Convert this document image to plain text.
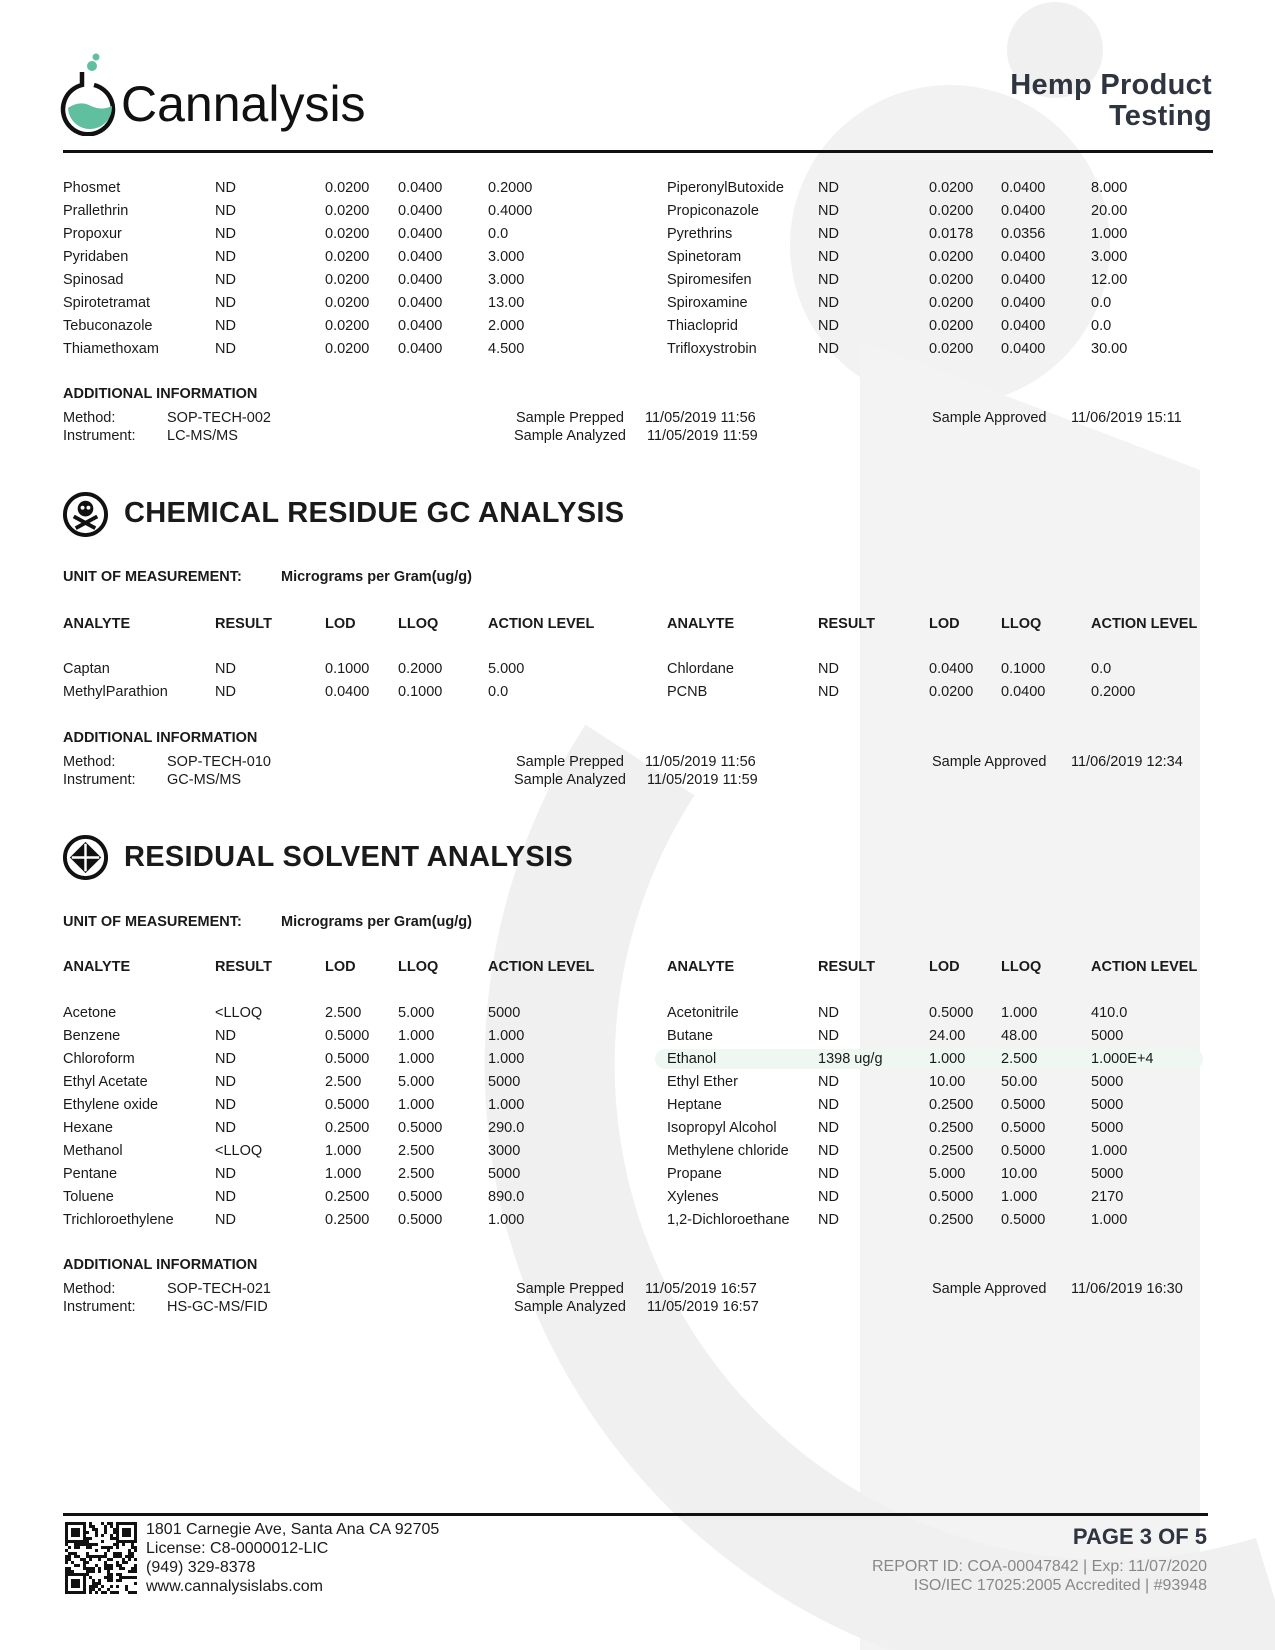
Cannalysis	Hemp Product
Testing
Phosmet	ND	0.0200 0.0400	0.2000	PiperonylButoxide ND	0.0200 0.0400	8.000
Prallethrin	ND	0.0200 0.0400	0.4000	Propiconazole	ND	0.0200 0.0400	20.00
Propoxur	ND	0.0200 0.0400	0.0	Pyrethrins	ND	0.0178 0.0356	1.000
Pyridaben	ND	0.0200 0.0400	3.000	Spinetoram	ND	0.0200 0.0400	3.000
Spinosad	ND	0.0200 0.0400	3.000	Spiromesifen	ND	0.0200 0.0400	12.00
Spirotetramat	ND	0.0200 0.0400	13.00	Spiroxamine	ND	0.0200 0.0400	0.0
Tebuconazole	ND	0.0200 0.0400	2.000	Thiacloprid	ND	0.0200 0.0400	0.0
Thiamethoxam	ND	0.0200 0.0400	4.500	Trifloxystrobin	ND	0.0200 0.0400	30.00
ADDITIONAL INFORMATION
Method:	SOP-TECH-002
Instrument: LC-MS/MS
Sample Prepped 11/05/2019 11:56
Sample Analyzed 11/05/2019 11:59
Sample Approved 11/06/2019 15:11
UNIT OF MEASUREMENT:	Micrograms per Gram(ug/g)
ANALYTE	RESULT	LOD	LLOQ	ACTION LEVEL	ANALYTE	RESULT	LOD	LLOQ	ACTION LEVEL
Captan	ND	0.1000 0.2000	5.000	Chlordane	ND	0.0400 0.1000	0.0
MethylParathion	ND	0.0400 0.1000	0.0	PCNB	ND	0.0200 0.0400	0.2000
ADDITIONAL INFORMATION
Method:	SOP-TECH-010
Instrument: GC-MS/MS
Sample Prepped 11/05/2019 11:56
Sample Analyzed 11/05/2019 11:59
Sample Approved 11/06/2019 12:34
UNIT OF MEASUREMENT:	Micrograms per Gram(ug/g)
ANALYTE	RESULT	LOD	LLOQ	ACTION LEVEL	ANALYTE	RESULT	LOD	LLOQ	ACTION LEVEL
Acetone	<LLOQ	2.500	5.000	5000	Acetonitrile	ND	0.5000 1.000	410.0
Benzene	ND	0.5000 1.000	1.000	Butane	ND	24.00 48.00	5000
Chloroform	ND	0.5000 1.000	1.000	Ethanol	1398 ug/g	1.000 2.500	1.000E+4
Ethyl Acetate	ND	2.500	5.000	5000	Ethyl Ether	ND	10.00 50.00	5000
Ethylene oxide	ND	0.5000 1.000	1.000	Heptane	ND	0.2500 0.5000	5000
Hexane	ND	0.2500 0.5000	290.0	Isopropyl Alcohol	ND	0.2500 0.5000	5000
Methanol	<LLOQ	1.000	2.500	3000	Methylene chloride ND	0.2500 0.5000	1.000
Pentane	ND	1.000	2.500	5000	Propane	ND	5.000 10.00	5000
Toluene	ND	0.2500 0.5000	890.0	Xylenes	ND	0.5000 1.000	2170
Trichloroethylene	ND	0.2500 0.5000	1.000	1,2-Dichloroethane ND	0.2500 0.5000	1.000
ADDITIONAL INFORMATION
Method:	SOP-TECH-021
Instrument: HS-GC-MS/FID
Sample Prepped 11/05/2019 16:57
Sample Analyzed 11/05/2019 16:57
Sample Approved 11/06/2019 16:30
CHEMICAL RESIDUE GC ANALYSIS
RESIDUAL SOLVENT ANALYSIS
1801 Carnegie Ave, Santa Ana CA 92705
License: C8-0000012-LIC
(949) 329-8378
www.cannalysislabs.com
PAGE 3 OF 5
REPORT ID: COA-00047842 | Exp: 11/07/2020
ISO/IEC 17025:2005 Accredited | #93948
